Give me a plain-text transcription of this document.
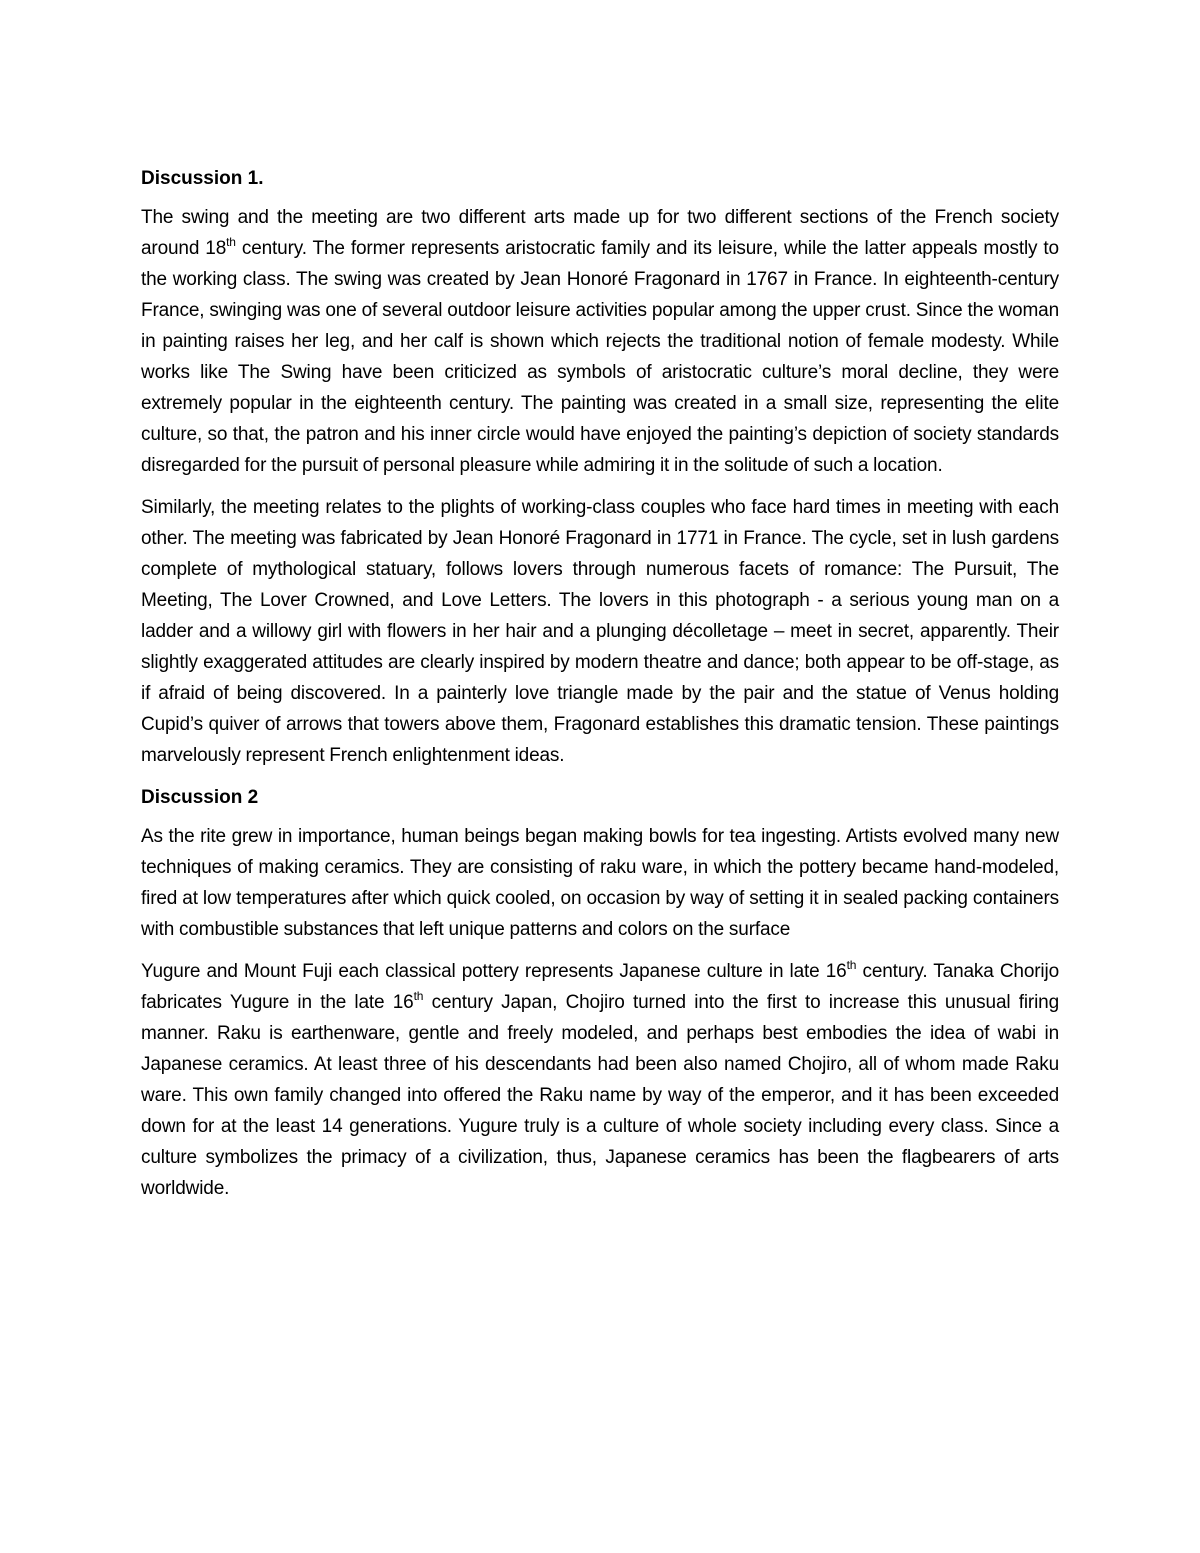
Discussion 1.

The swing and the meeting are two different arts made up for two different sections of the French society around 18th century. The former represents aristocratic family and its leisure, while the latter appeals mostly to the working class. The swing was created by Jean Honoré Fragonard in 1767 in France. In eighteenth-century France, swinging was one of several outdoor leisure activities popular among the upper crust. Since the woman in painting raises her leg, and her calf is shown which rejects the traditional notion of female modesty. While works like The Swing have been criticized as symbols of aristocratic culture’s moral decline, they were extremely popular in the eighteenth century. The painting was created in a small size, representing the elite culture, so that, the patron and his inner circle would have enjoyed the painting’s depiction of society standards disregarded for the pursuit of personal pleasure while admiring it in the solitude of such a location.

Similarly, the meeting relates to the plights of working-class couples who face hard times in meeting with each other. The meeting was fabricated by Jean Honoré Fragonard in 1771 in France. The cycle, set in lush gardens complete of mythological statuary, follows lovers through numerous facets of romance: The Pursuit, The Meeting, The Lover Crowned, and Love Letters. The lovers in this photograph - a serious young man on a ladder and a willowy girl with flowers in her hair and a plunging décolletage – meet in secret, apparently. Their slightly exaggerated attitudes are clearly inspired by modern theatre and dance; both appear to be off-stage, as if afraid of being discovered. In a painterly love triangle made by the pair and the statue of Venus holding Cupid’s quiver of arrows that towers above them, Fragonard establishes this dramatic tension. These paintings marvelously represent French enlightenment ideas.

Discussion 2

As the rite grew in importance, human beings began making bowls for tea ingesting. Artists evolved many new techniques of making ceramics. They are consisting of raku ware, in which the pottery became hand-modeled, fired at low temperatures after which quick cooled, on occasion by way of setting it in sealed packing containers with combustible substances that left unique patterns and colors on the surface

Yugure and Mount Fuji each classical pottery represents Japanese culture in late 16th century. Tanaka Chorijo fabricates Yugure in the late 16th century Japan, Chojiro turned into the first to increase this unusual firing manner. Raku is earthenware, gentle and freely modeled, and perhaps best embodies the idea of wabi in Japanese ceramics. At least three of his descendants had been also named Chojiro, all of whom made Raku ware. This own family changed into offered the Raku name by way of the emperor, and it has been exceeded down for at the least 14 generations. Yugure truly is a culture of whole society including every class. Since a culture symbolizes the primacy of a civilization, thus, Japanese ceramics has been the flagbearers of arts worldwide.
